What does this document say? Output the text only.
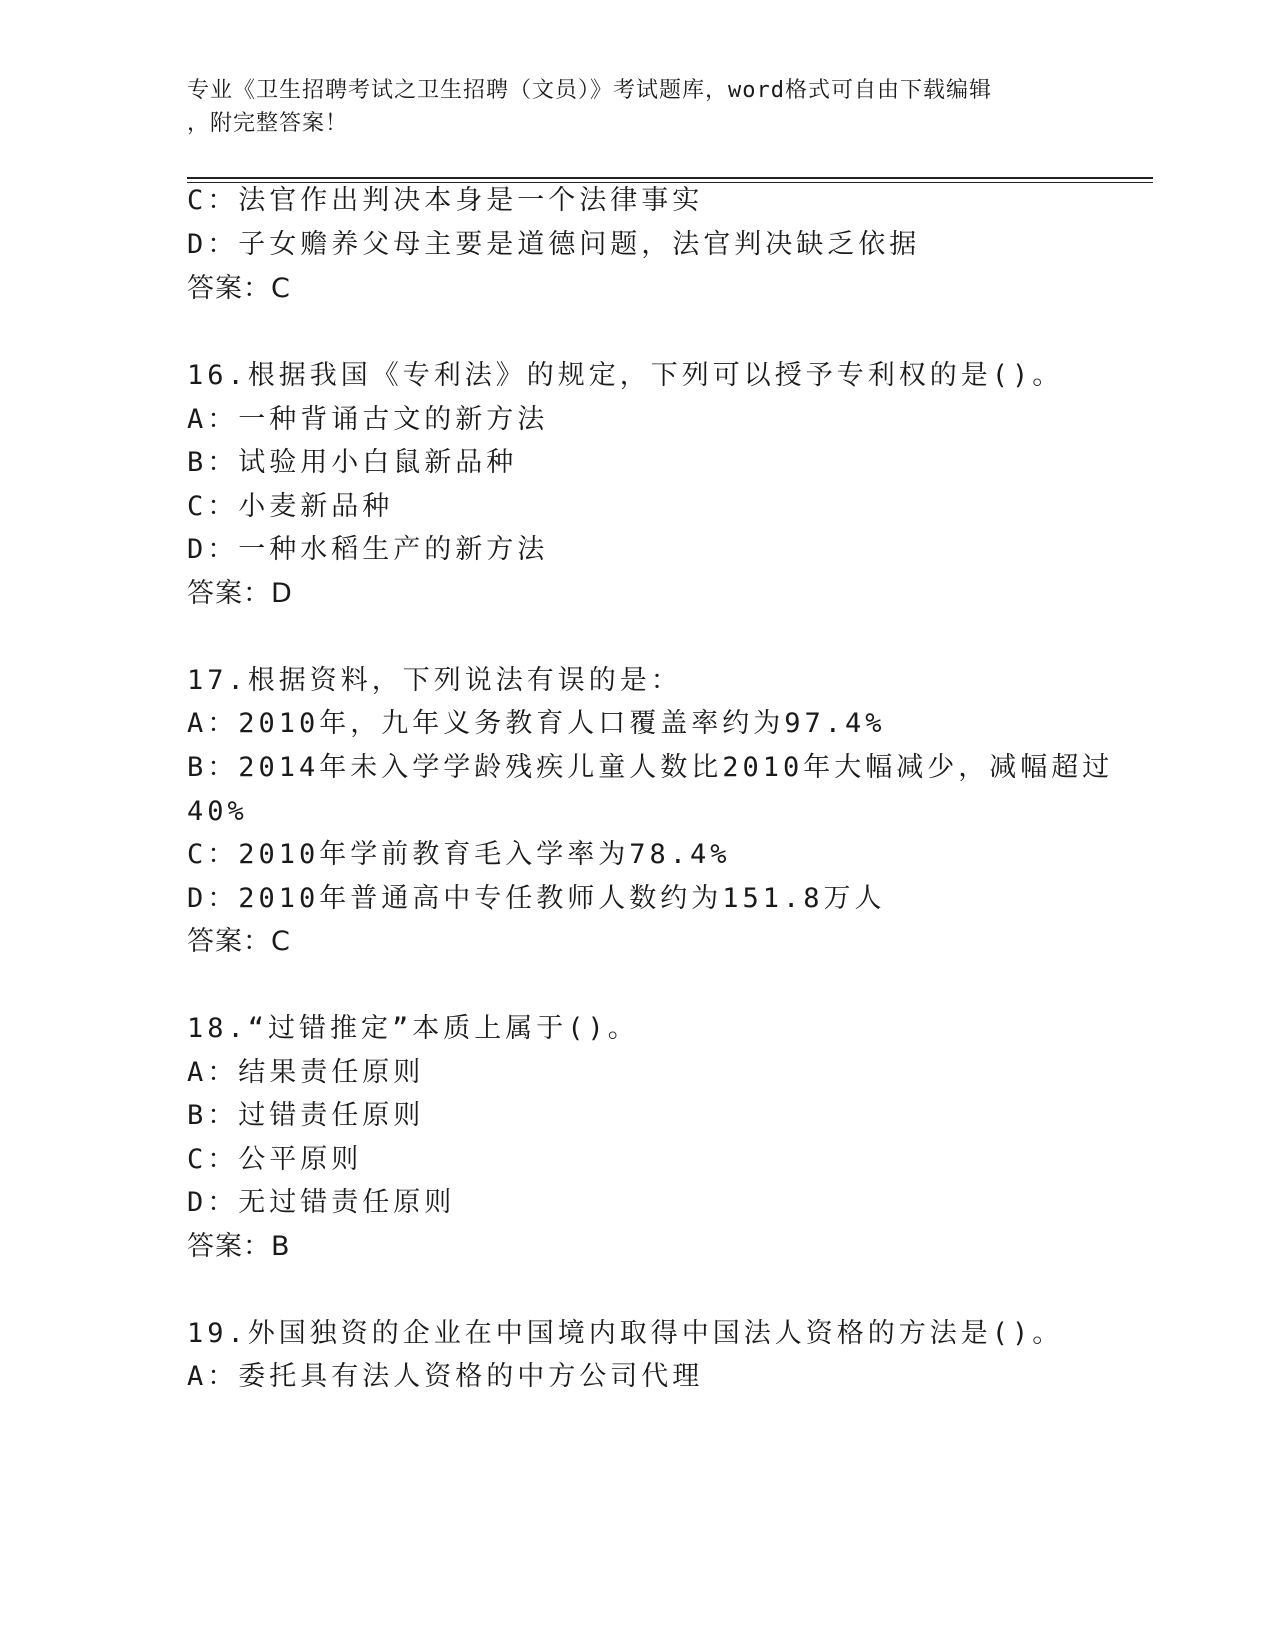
专业《卫生招聘考试之卫生招聘（文员）》考试题库，word格式可自由下载编辑

，附完整答案！

C：法官作出判决本身是一个法律事实
D：子女赡养父母主要是道德问题，法官判决缺乏依据
答案：C
16.根据我国《专利法》的规定，下列可以授予专利权的是()。
A：一种背诵古文的新方法
B：试验用小白鼠新品种
C：小麦新品种
D：一种水稻生产的新方法
答案：D
17.根据资料，下列说法有误的是：
A：2010年，九年义务教育人口覆盖率约为97.4%
B：2014年未入学学龄残疾儿童人数比2010年大幅减少，减幅超过
40%
C：2010年学前教育毛入学率为78.4%
D：2010年普通高中专任教师人数约为151.8万人
答案：C
18.“过错推定”本质上属于()。
A：结果责任原则
B：过错责任原则
C：公平原则
D：无过错责任原则
答案：B
19.外国独资的企业在中国境内取得中国法人资格的方法是()。
A：委托具有法人资格的中方公司代理
